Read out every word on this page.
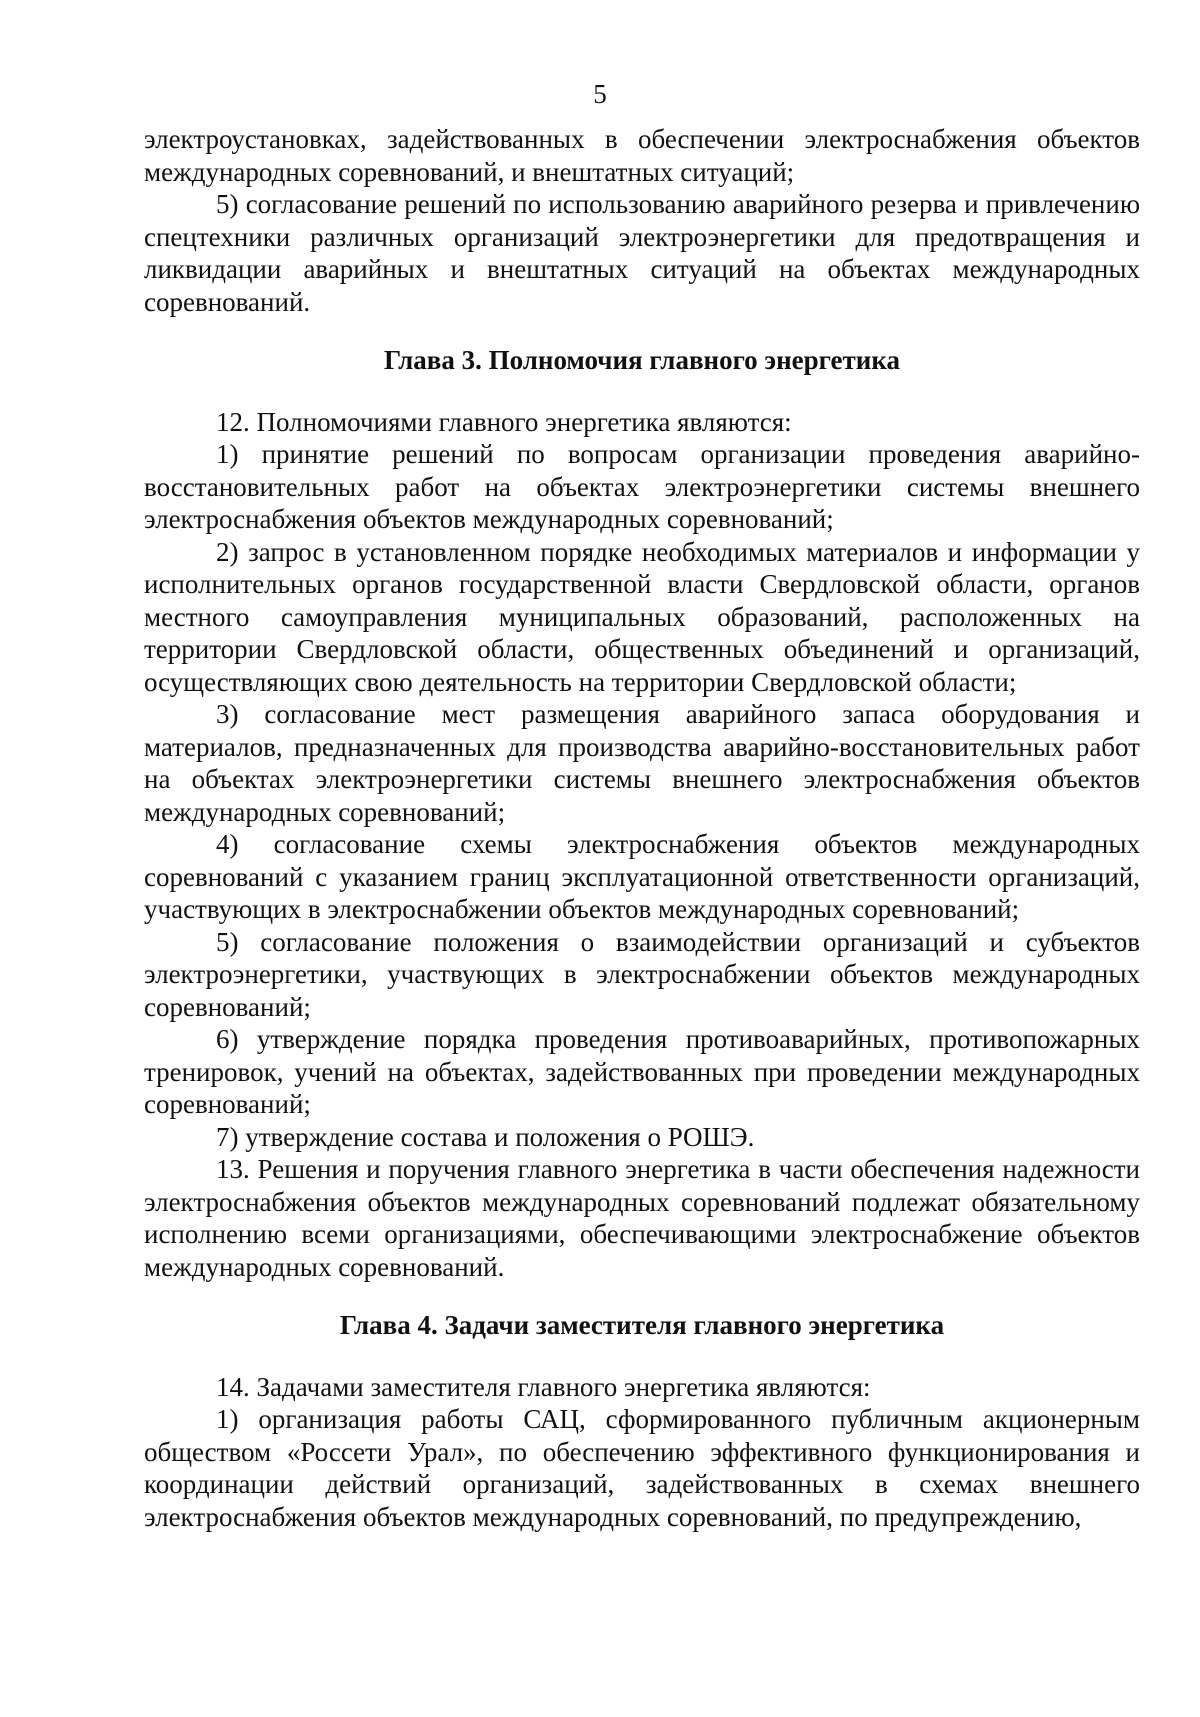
5

электроустановках, задействованных в обеспечении электроснабжения объектов международных соревнований, и внештатных ситуаций;

5) согласование решений по использованию аварийного резерва и привлечению спецтехники различных организаций электроэнергетики для предотвращения и ликвидации аварийных и внештатных ситуаций на объектах международных соревнований.

Глава 3. Полномочия главного энергетика

12. Полномочиями главного энергетика являются:

1) принятие решений по вопросам организации проведения аварийно-восстановительных работ на объектах электроэнергетики системы внешнего электроснабжения объектов международных соревнований;

2) запрос в установленном порядке необходимых материалов и информации у исполнительных органов государственной власти Свердловской области, органов местного самоуправления муниципальных образований, расположенных на территории Свердловской области, общественных объединений и организаций, осуществляющих свою деятельность на территории Свердловской области;

3) согласование мест размещения аварийного запаса оборудования и материалов, предназначенных для производства аварийно-восстановительных работ на объектах электроэнергетики системы внешнего электроснабжения объектов международных соревнований;

4) согласование схемы электроснабжения объектов международных соревнований с указанием границ эксплуатационной ответственности организаций, участвующих в электроснабжении объектов международных соревнований;

5) согласование положения о взаимодействии организаций и субъектов электроэнергетики, участвующих в электроснабжении объектов международных соревнований;

6) утверждение порядка проведения противоаварийных, противопожарных тренировок, учений на объектах, задействованных при проведении международных соревнований;

7) утверждение состава и положения о РОШЭ.

13. Решения и поручения главного энергетика в части обеспечения надежности электроснабжения объектов международных соревнований подлежат обязательному исполнению всеми организациями, обеспечивающими электроснабжение объектов международных соревнований.

Глава 4. Задачи заместителя главного энергетика

14. Задачами заместителя главного энергетика являются:

1) организация работы САЦ, сформированного публичным акционерным обществом «Россети Урал», по обеспечению эффективного функционирования и координации действий организаций, задействованных в схемах внешнего электроснабжения объектов международных соревнований, по предупреждению,
